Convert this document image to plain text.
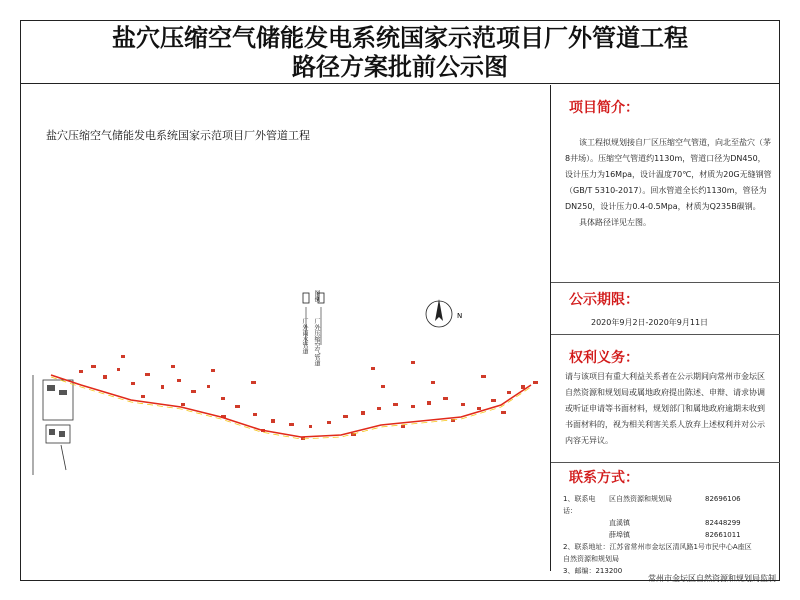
盐穴压缩空气储能发电系统国家示范项目厂外管道工程
路径方案批前公示图
N
盐穴压缩空气储能发电系统国家示范项目厂外管道工程
图例
厂外压缩空气管道
厂外雨水管道
项目简介：
该工程拟规划接自厂区压缩空气管道，向北至盐穴（茅8井场）。压缩空气管道约1130m，管道口径为DN450，设计压力为16Mpa，设计温度70℃，材质为20G无缝钢管（GB/T 5310-2017）。回水管道全长约1130m，管径为DN250，设计压力0.4-0.5Mpa，材质为Q235B碳钢。
具体路径详见左图。
公示期限：
2020年9月2日-2020年9月11日
权利义务：
请与该项目有重大利益关系者在公示期间向常州市金坛区自然资源和规划局或属地政府提出陈述、申辩、请求协调或听证申请等书面材料，规划部门和属地政府逾期未收到书面材料的，视为相关利害关系人放弃上述权利并对公示内容无异议。
联系方式：
1、联系电话：
区自然资源和规划局	82696106
直溪镇	82448299
薛埠镇	82661011
2、联系地址：江苏省常州市金坛区清风路1号市民中心A座区自然资源和规划局
3、邮编：213200
常州市金坛区自然资源和规划局监制
